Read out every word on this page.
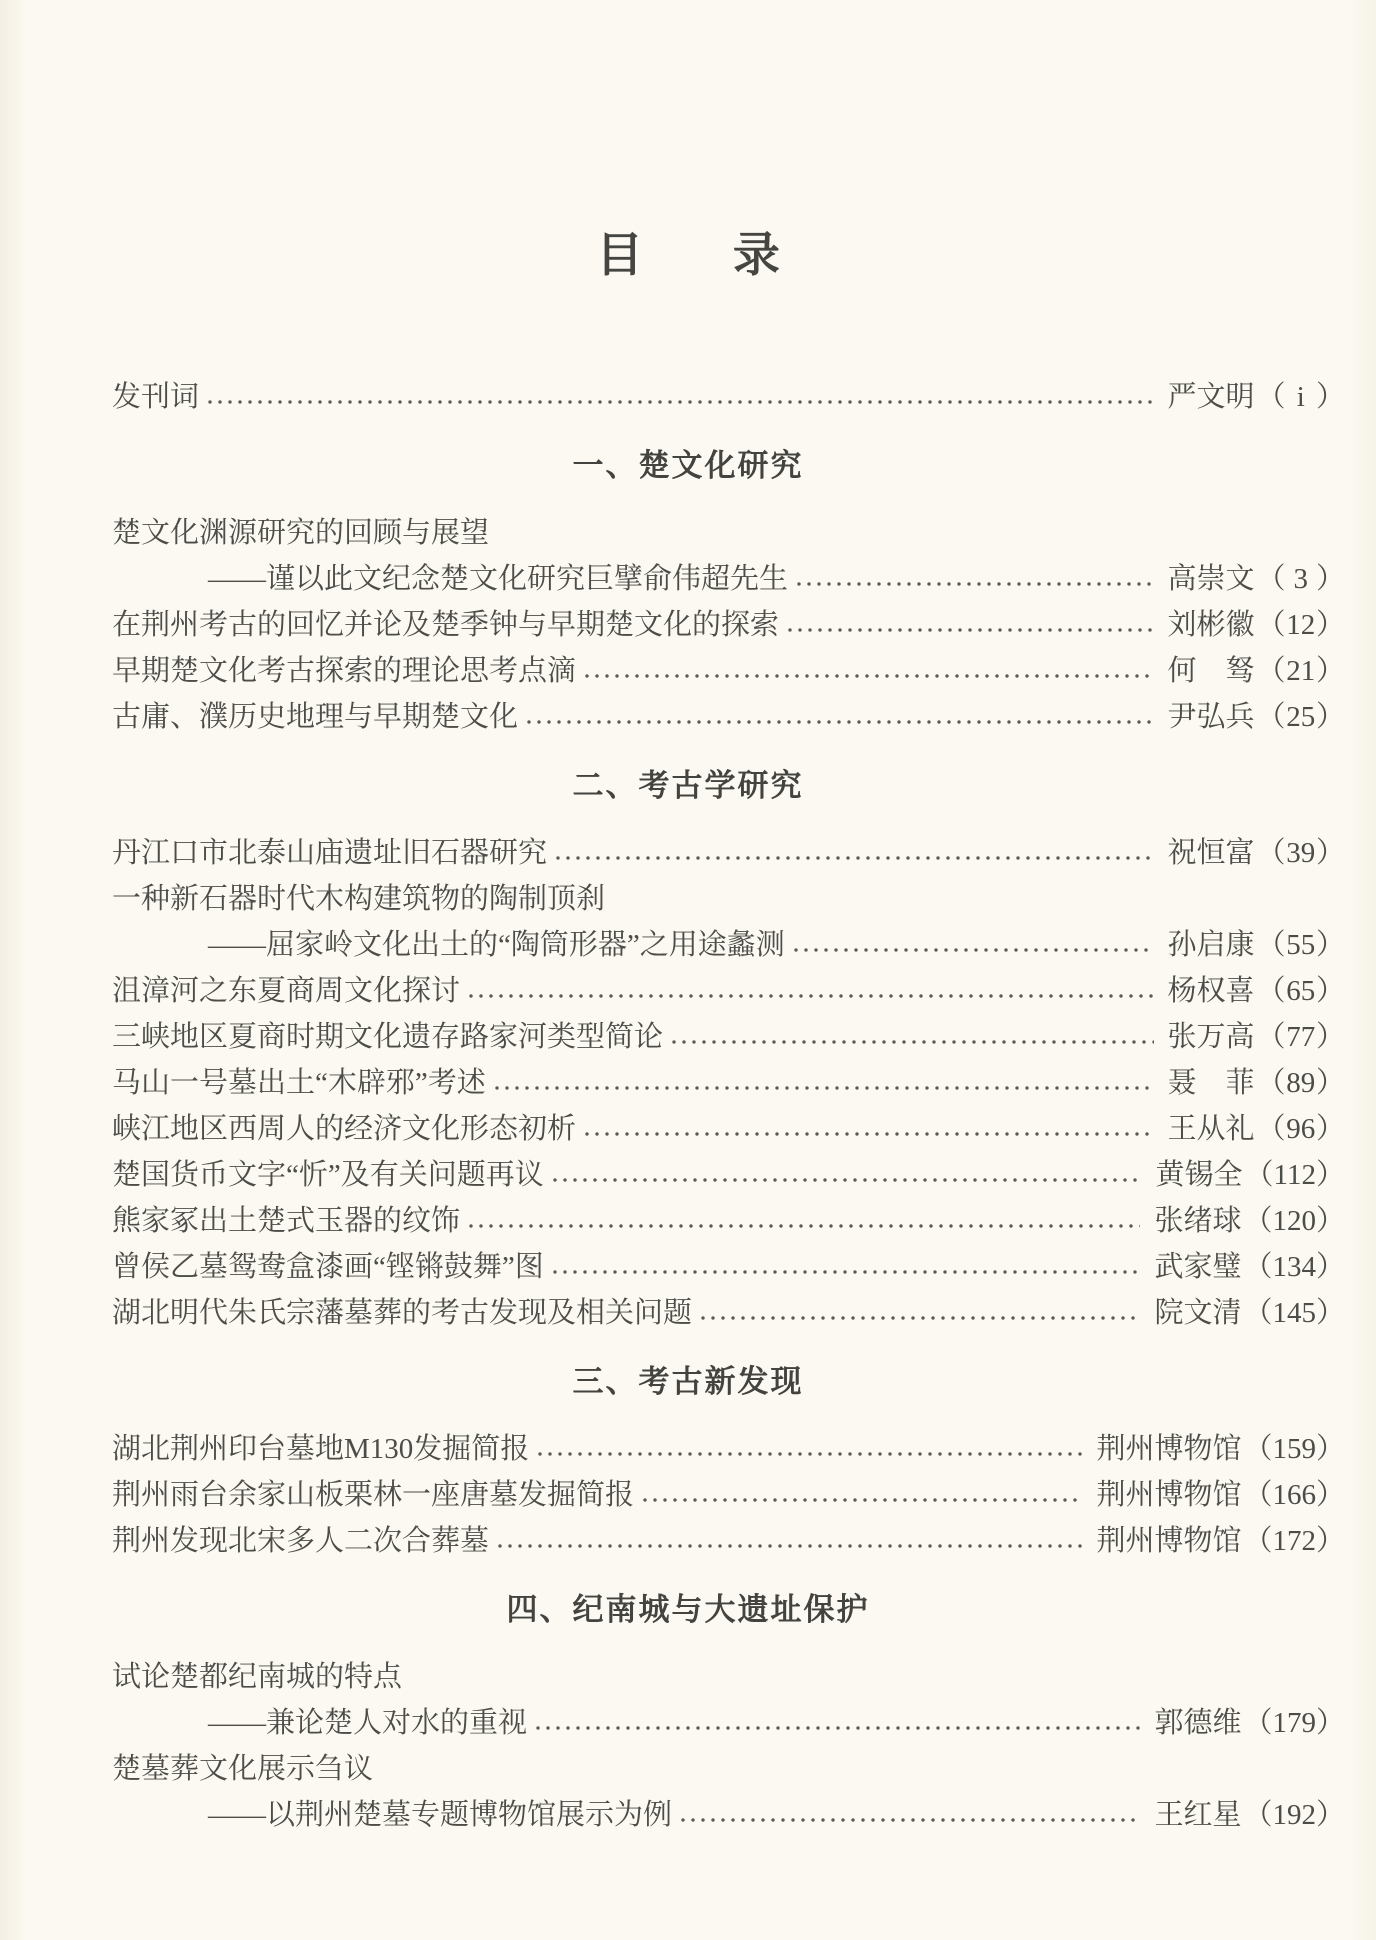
目 录
发刊词	严文明（ i ）
一、楚文化研究
楚文化渊源研究的回顾与展望
——谨以此文纪念楚文化研究巨擘俞伟超先生	高崇文（ 3 ）
在荆州考古的回忆并论及楚季钟与早期楚文化的探索	刘彬徽（12）
早期楚文化考古探索的理论思考点滴	何　驽（21）
古庸、濮历史地理与早期楚文化	尹弘兵（25）
二、考古学研究
丹江口市北泰山庙遗址旧石器研究	祝恒富（39）
一种新石器时代木构建筑物的陶制顶刹
——屈家岭文化出土的“陶筒形器”之用途蠡测	孙启康（55）
沮漳河之东夏商周文化探讨	杨权喜（65）
三峡地区夏商时期文化遗存路家河类型简论	张万高（77）
马山一号墓出土“木辟邪”考述	聂　菲（89）
峡江地区西周人的经济文化形态初析	王从礼（96）
楚国货币文字“忻”及有关问题再议	黄锡全（112）
熊家冢出土楚式玉器的纹饰	张绪球（120）
曾侯乙墓鸳鸯盒漆画“铿锵鼓舞”图	武家璧（134）
湖北明代朱氏宗藩墓葬的考古发现及相关问题	院文清（145）
三、考古新发现
湖北荆州印台墓地M130发掘简报	荆州博物馆（159）
荆州雨台余家山板栗林一座唐墓发掘简报	荆州博物馆（166）
荆州发现北宋多人二次合葬墓	荆州博物馆（172）
四、纪南城与大遗址保护
试论楚都纪南城的特点
——兼论楚人对水的重视	郭德维（179）
楚墓葬文化展示刍议
——以荆州楚墓专题博物馆展示为例	王红星（192）
